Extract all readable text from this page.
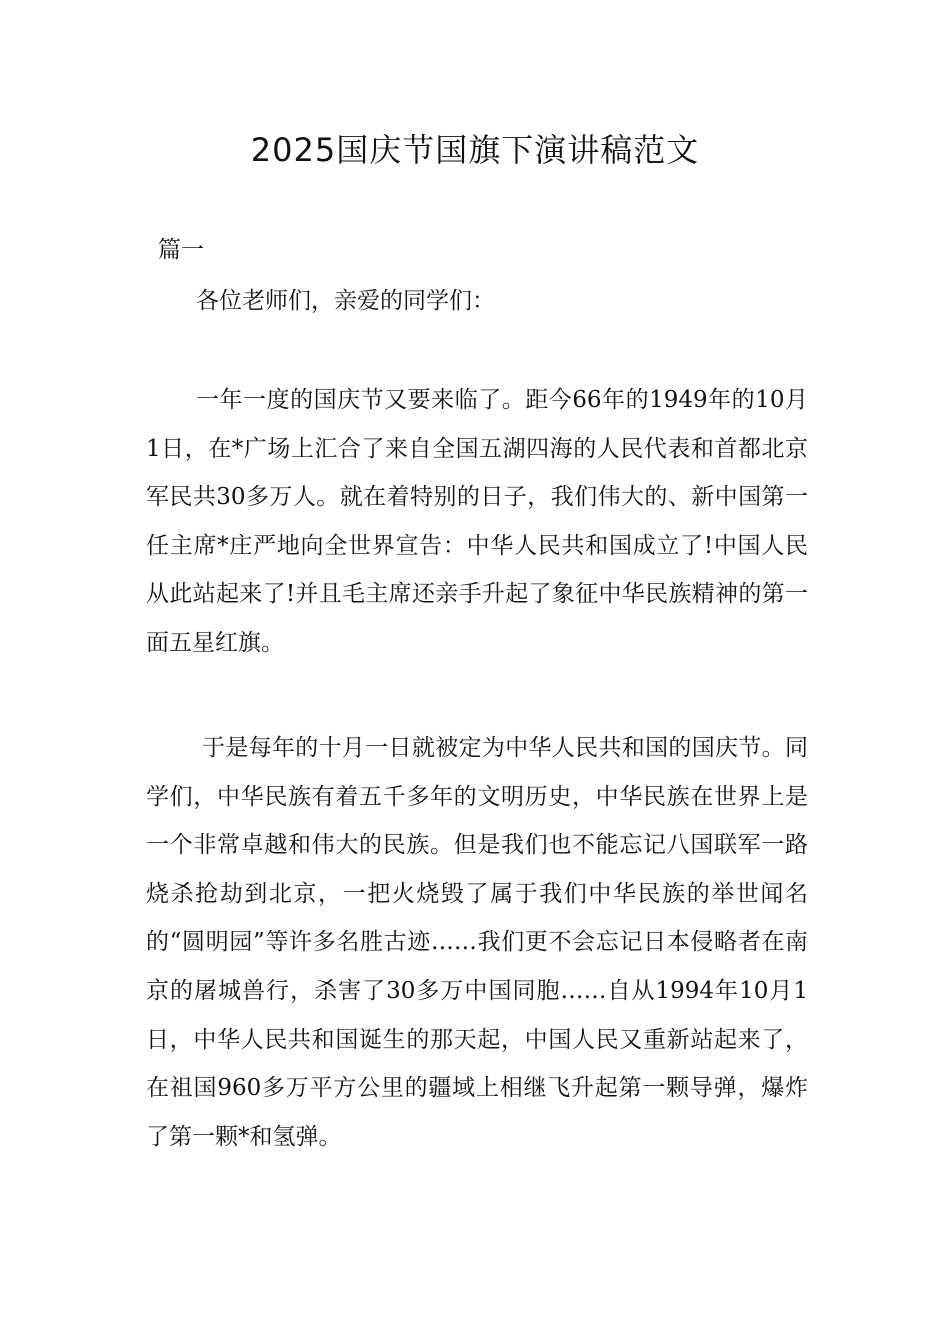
2025国庆节国旗下演讲稿范文

篇一

各位老师们，亲爱的同学们：

一年一度的国庆节又要来临了。距今66年的1949年的10月1日，在*广场上汇合了来自全国五湖四海的人民代表和首都北京军民共30多万人。就在着特别的日子，我们伟大的、新中国第一任主席*庄严地向全世界宣告：中华人民共和国成立了!中国人民从此站起来了!并且毛主席还亲手升起了象征中华民族精神的第一面五星红旗。

于是每年的十月一日就被定为中华人民共和国的国庆节。同学们，中华民族有着五千多年的文明历史，中华民族在世界上是一个非常卓越和伟大的民族。但是我们也不能忘记八国联军一路烧杀抢劫到北京，一把火烧毁了属于我们中华民族的举世闻名的“圆明园”等许多名胜古迹……我们更不会忘记日本侵略者在南京的屠城兽行，杀害了30多万中国同胞……自从1994年10月1日，中华人民共和国诞生的那天起，中国人民又重新站起来了，在祖国960多万平方公里的疆域上相继飞升起第一颗导弹，爆炸了第一颗*和氢弹。
